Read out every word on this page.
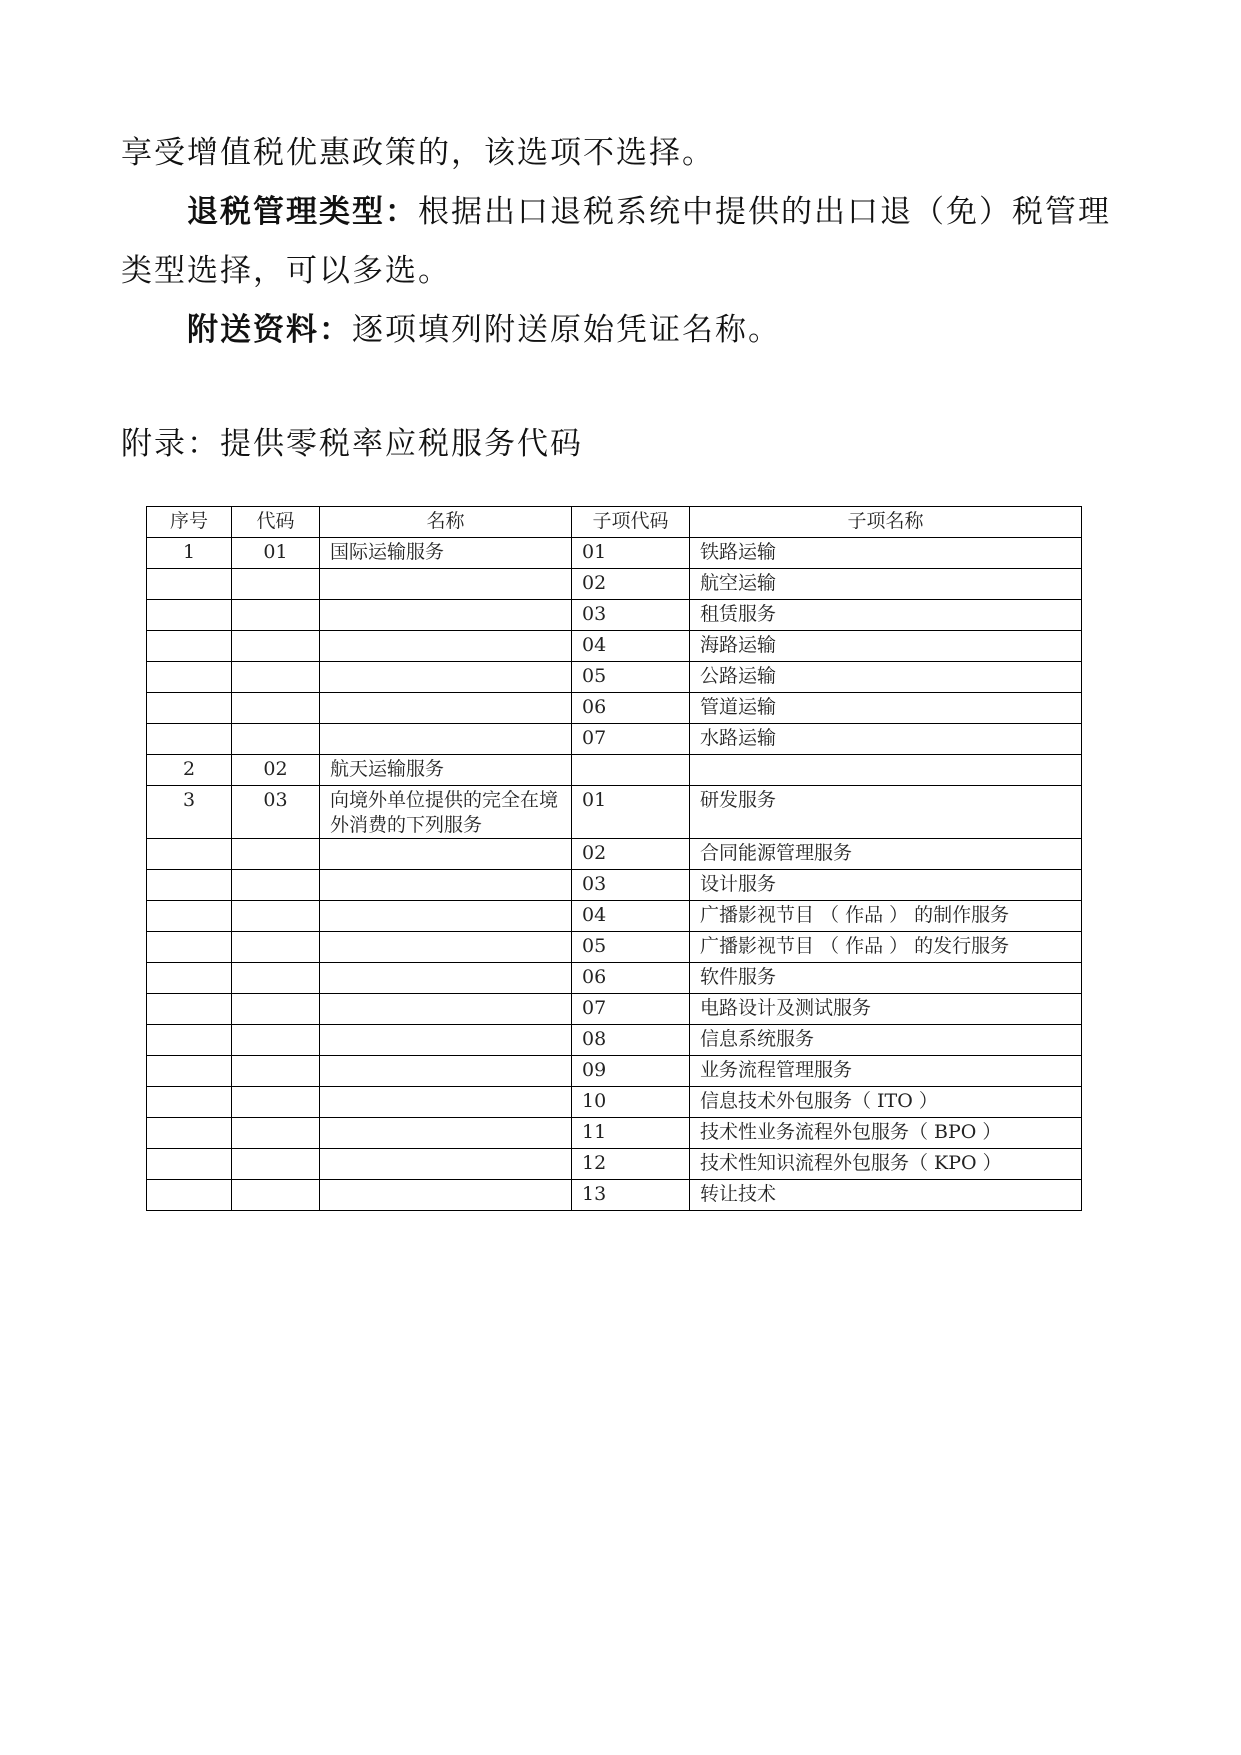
享受增值税优惠政策的，该选项不选择。

退税管理类型：根据出口退税系统中提供的出口退（免）税管理类型选择，可以多选。

附送资料：逐项填列附送原始凭证名称。

附录：提供零税率应税服务代码

序号	代码	名称	子项代码	子项名称
1	01	国际运输服务	01	铁路运输
			02	航空运输
			03	租赁服务
			04	海路运输
			05	公路运输
			06	管道运输
			07	水路运输
2	02	航天运输服务		
3	03	向境外单位提供的完全在境外消费的下列服务	01	研发服务
			02	合同能源管理服务
			03	设计服务
			04	广播影视节目 （ 作品 ） 的制作服务
			05	广播影视节目 （ 作品 ） 的发行服务
			06	软件服务
			07	电路设计及测试服务
			08	信息系统服务
			09	业务流程管理服务
			10	信息技术外包服务（ ITO ）
			11	技术性业务流程外包服务（ BPO ）
			12	技术性知识流程外包服务（ KPO ）
			13	转让技术
